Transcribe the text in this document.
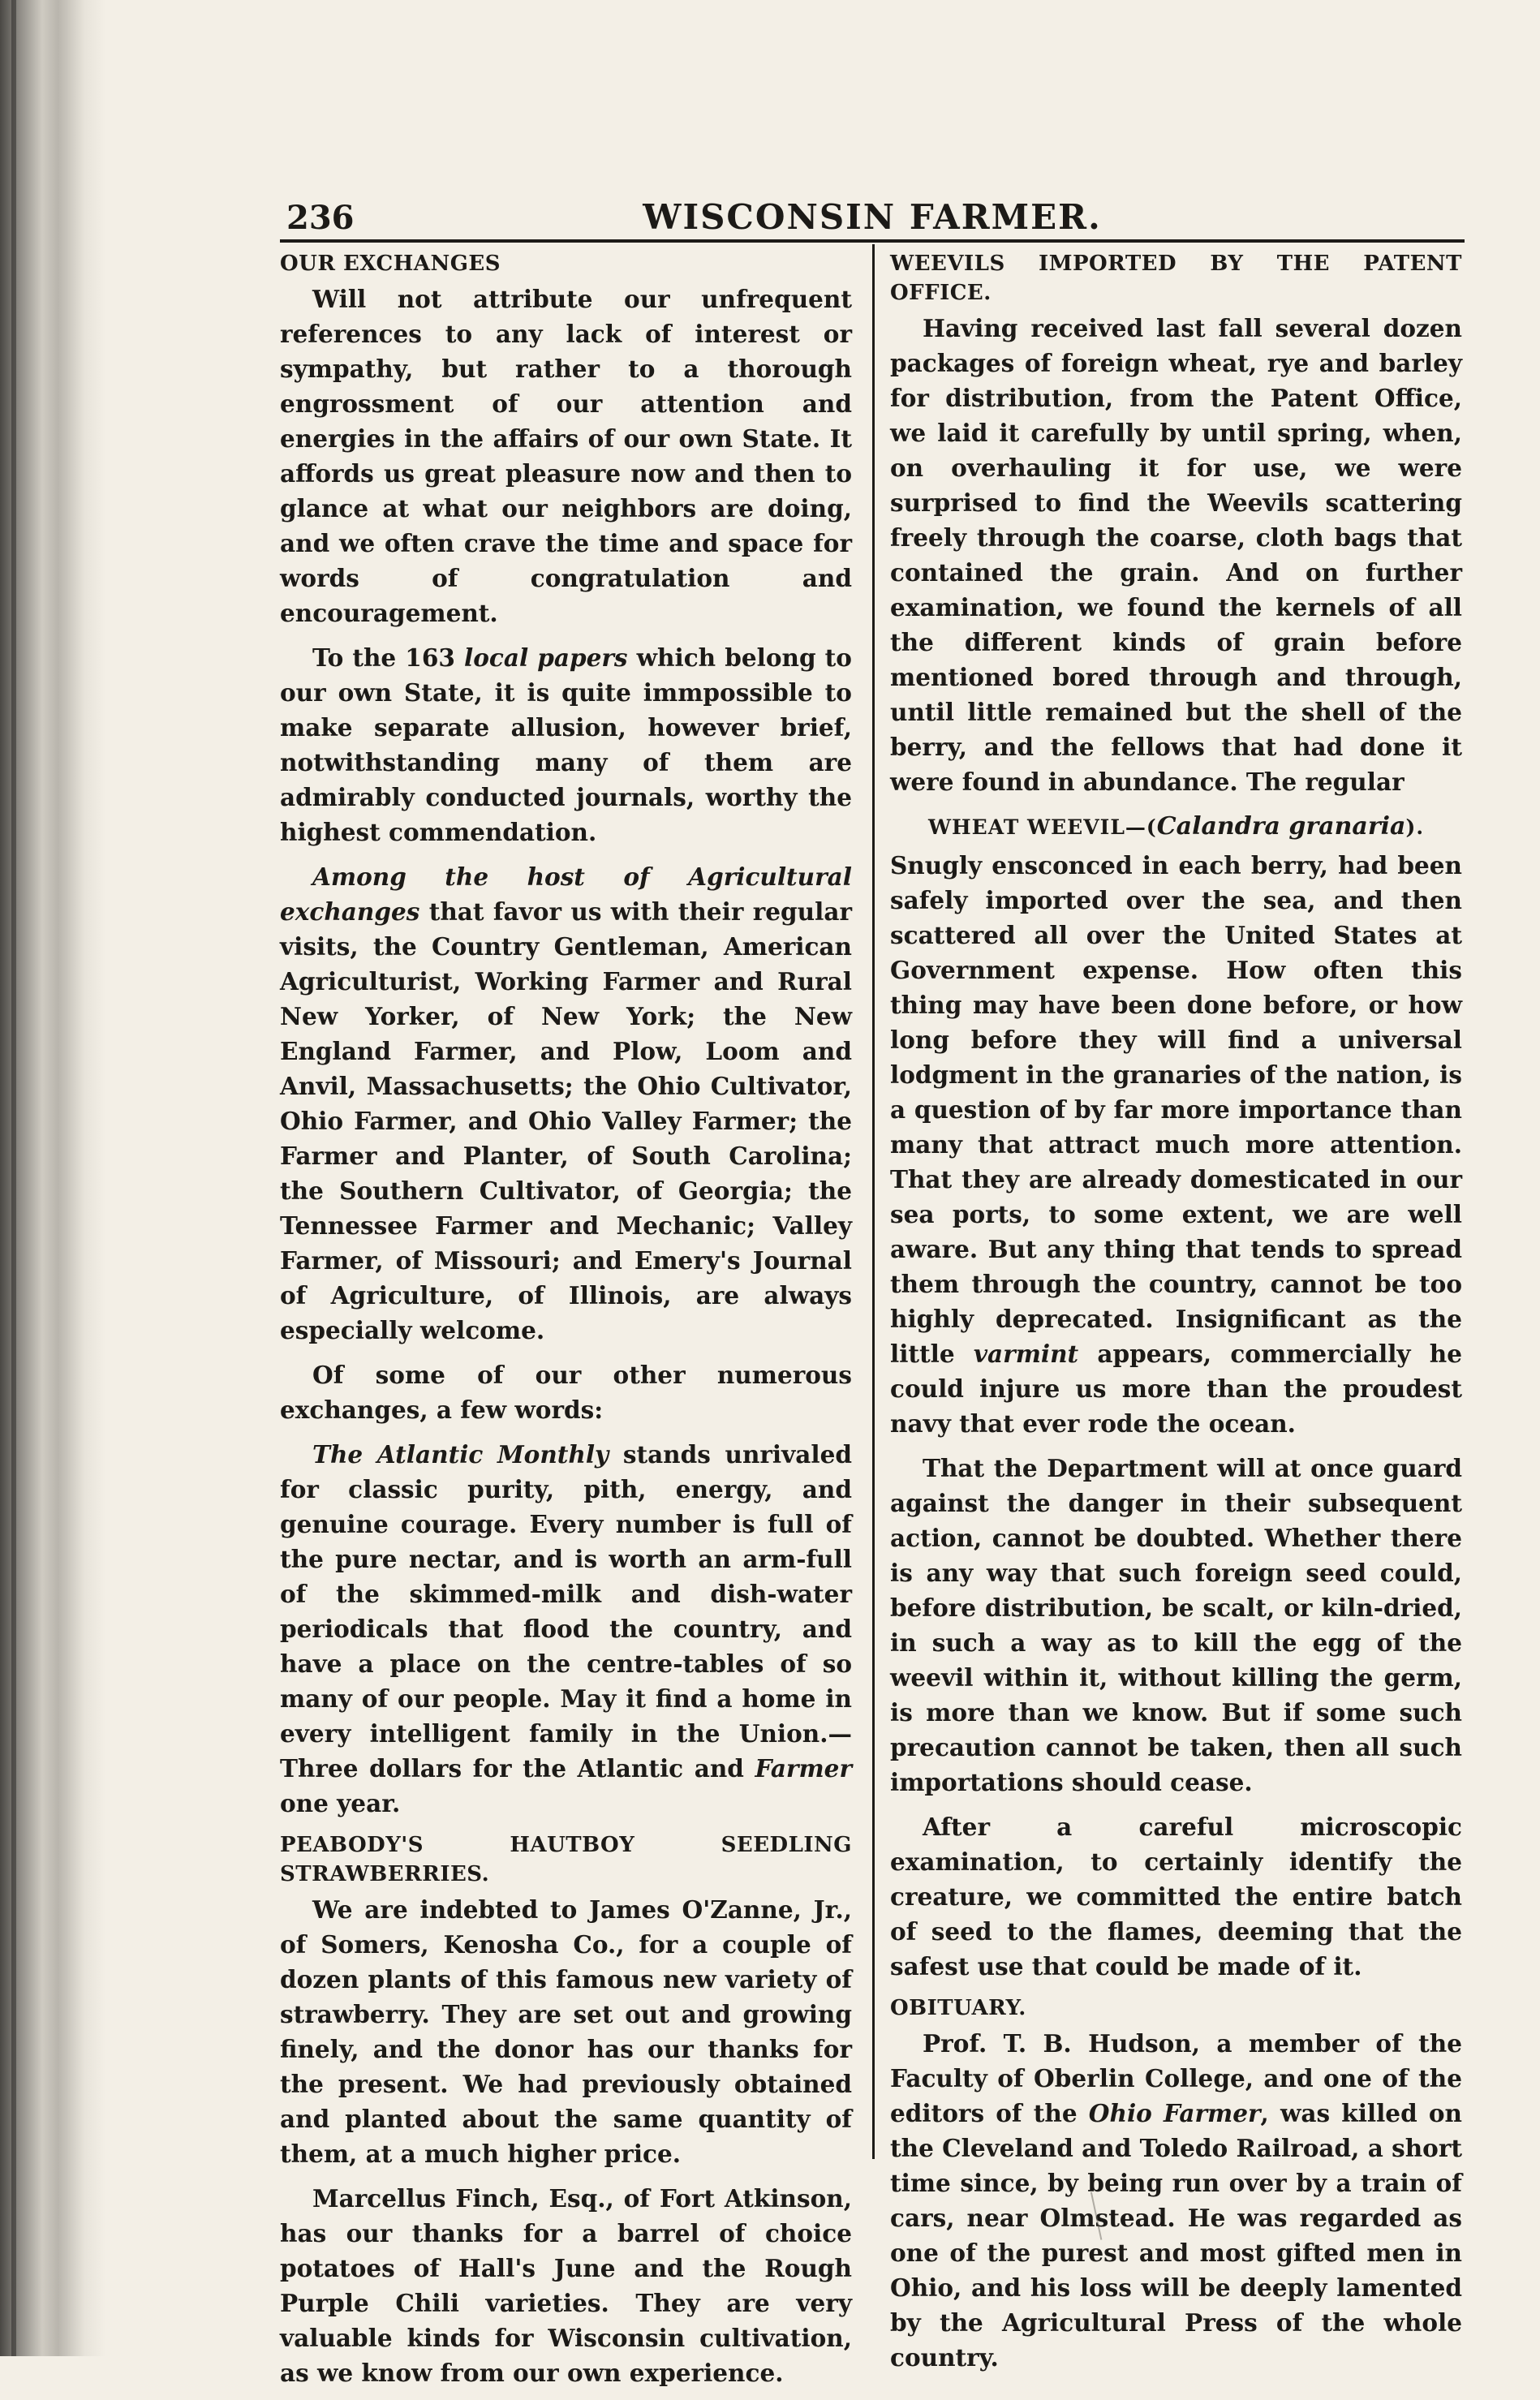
236	WISCONSIN FARMER.
OUR EXCHANGES

Will not attribute our unfrequent references to any lack of interest or sympathy, but rather to a thorough engrossment of our attention and energies in the affairs of our own State. It affords us great pleasure now and then to glance at what our neighbors are doing, and we often crave the time and space for words of congratulation and encouragement.

To the 163 local papers which belong to our own State, it is quite immpossible to make separate allusion, however brief, notwithstanding many of them are admirably conducted journals, worthy the highest commendation.

Among the host of Agricultural exchanges that favor us with their regular visits, the Country Gentleman, American Agriculturist, Working Farmer and Rural New Yorker, of New York; the New England Farmer, and Plow, Loom and Anvil, Massachusetts; the Ohio Cultivator, Ohio Farmer, and Ohio Valley Farmer; the Farmer and Planter, of South Carolina; the Southern Cultivator, of Georgia; the Tennessee Farmer and Mechanic; Valley Farmer, of Missouri; and Emery's Journal of Agriculture, of Illinois, are always especially welcome.

Of some of our other numerous exchanges, a few words:

The Atlantic Monthly stands unrivaled for classic purity, pith, energy, and genuine courage. Every number is full of the pure nectar, and is worth an arm-full of the skimmed-milk and dish-water periodicals that flood the country, and have a place on the centre-tables of so many of our people. May it find a home in every intelligent family in the Union.— Three dollars for the Atlantic and Farmer one year.

PEABODY'S HAUTBOY SEEDLING STRAWBERRIES.

We are indebted to James O'Zanne, Jr., of Somers, Kenosha Co., for a couple of dozen plants of this famous new variety of strawberry. They are set out and growing finely, and the donor has our thanks for the present. We had previously obtained and planted about the same quantity of them, at a much higher price.

Marcellus Finch, Esq., of Fort Atkinson, has our thanks for a barrel of choice potatoes of Hall's June and the Rough Purple Chili varieties. They are very valuable kinds for Wisconsin cultivation, as we know from our own experience.

WEEVILS IMPORTED BY THE PATENT OFFICE.

Having received last fall several dozen packages of foreign wheat, rye and barley for distribution, from the Patent Office, we laid it carefully by until spring, when, on overhauling it for use, we were surprised to find the Weevils scattering freely through the coarse, cloth bags that contained the grain. And on further examination, we found the kernels of all the different kinds of grain before mentioned bored through and through, until little remained but the shell of the berry, and the fellows that had done it were found in abundance. The regular

WHEAT WEEVIL—(Calandra granaria).

Snugly ensconced in each berry, had been safely imported over the sea, and then scattered all over the United States at Government expense. How often this thing may have been done before, or how long before they will find a universal lodgment in the granaries of the nation, is a question of by far more importance than many that attract much more attention. That they are already domesticated in our sea ports, to some extent, we are well aware. But any thing that tends to spread them through the country, cannot be too highly deprecated. Insignificant as the little varmint appears, commercially he could injure us more than the proudest navy that ever rode the ocean.

That the Department will at once guard against the danger in their subsequent action, cannot be doubted. Whether there is any way that such foreign seed could, before distribution, be scalt, or kiln-dried, in such a way as to kill the egg of the weevil within it, without killing the germ, is more than we know. But if some such precaution cannot be taken, then all such importations should cease.

After a careful microscopic examination, to certainly identify the creature, we committed the entire batch of seed to the flames, deeming that the safest use that could be made of it.

OBITUARY.

Prof. T. B. Hudson, a member of the Faculty of Oberlin College, and one of the editors of the Ohio Farmer, was killed on the Cleveland and Toledo Railroad, a short time since, by being run over by a train of cars, near Olmstead. He was regarded as one of the purest and most gifted men in Ohio, and his loss will be deeply lamented by the Agricultural Press of the whole country.
